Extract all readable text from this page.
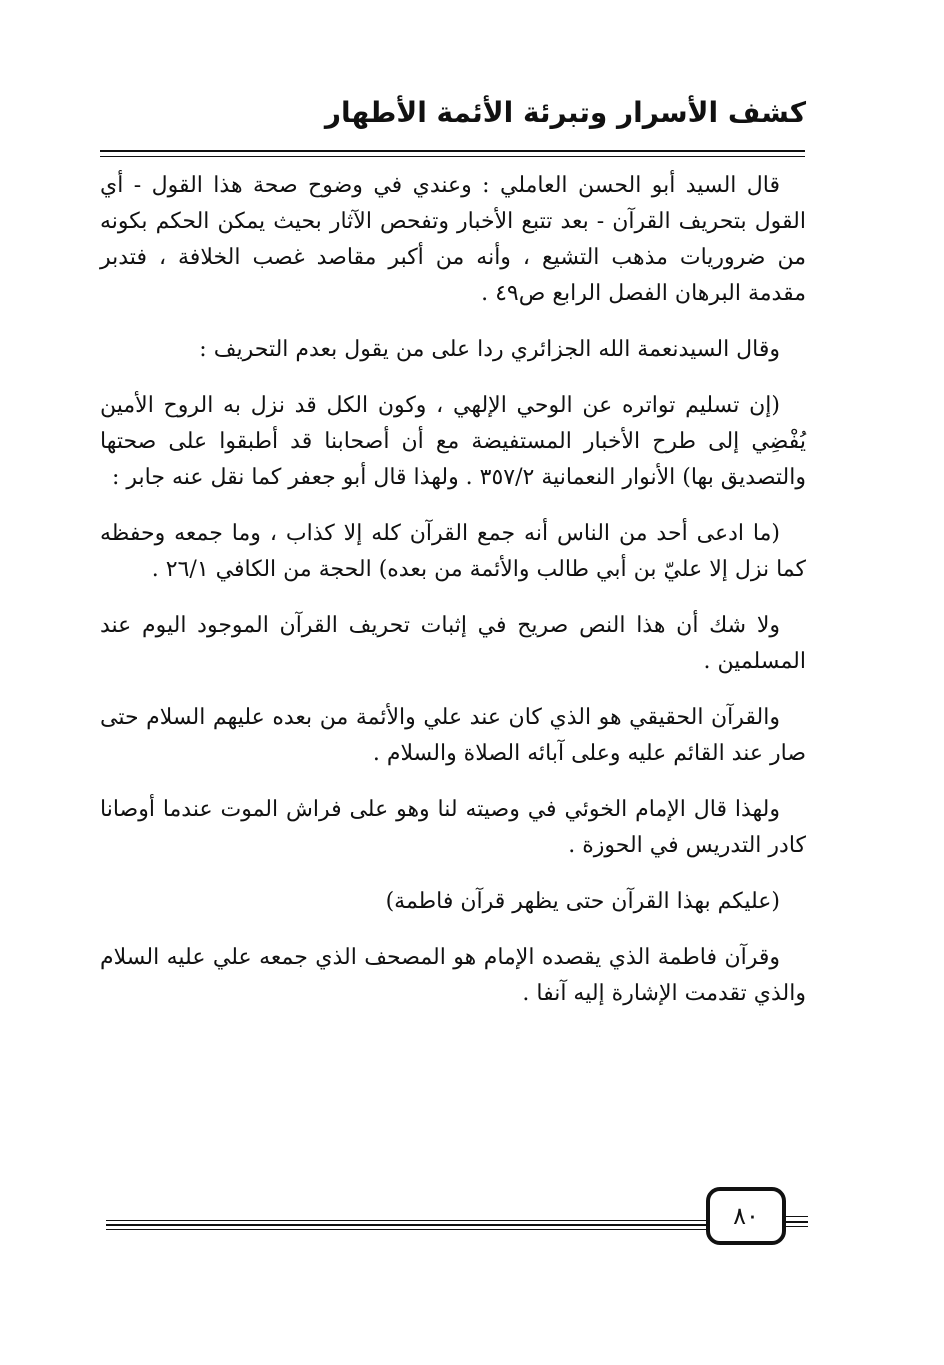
كشف الأسرار وتبرئة الأئمة الأطهار

قال السيد أبو الحسن العاملي : وعندي في وضوح صحة هذا القول - أي القول بتحريف القرآن - بعد تتبع الأخبار وتفحص الآثار بحيث يمكن الحكم بكونه من ضروريات مذهب التشيع ، وأنه من أكبر مقاصد غصب الخلافة ، فتدبر مقدمة البرهان الفصل الرابع ص٤٩ .

وقال السيدنعمة الله الجزائري ردا على من يقول بعدم التحريف :

(إن تسليم تواتره عن الوحي الإلهي ، وكون الكل قد نزل به الروح الأمين يُفْضِي إلى طرح الأخبار المستفيضة مع أن أصحابنا قد أطبقوا على صحتها والتصديق بها) الأنوار النعمانية ٣٥٧/٢ . ولهذا قال أبو جعفر كما نقل عنه جابر :

(ما ادعى أحد من الناس أنه جمع القرآن كله إلا كذاب ، وما جمعه وحفظه كما نزل إلا عليّ بن أبي طالب والأئمة من بعده) الحجة من الكافي ٢٦/١ .

ولا شك أن هذا النص صريح في إثبات تحريف القرآن الموجود اليوم عند المسلمين .

والقرآن الحقيقي هو الذي كان عند علي والأئمة من بعده عليهم السلام حتى صار عند القائم عليه وعلى آبائه الصلاة والسلام .

ولهذا قال الإمام الخوئي في وصيته لنا وهو على فراش الموت عندما أوصانا كادر التدريس في الحوزة .

(عليكم بهذا القرآن حتى يظهر قرآن فاطمة)

وقرآن فاطمة الذي يقصده الإمام هو المصحف الذي جمعه علي عليه السلام والذي تقدمت الإشارة إليه آنفا .

٨٠
